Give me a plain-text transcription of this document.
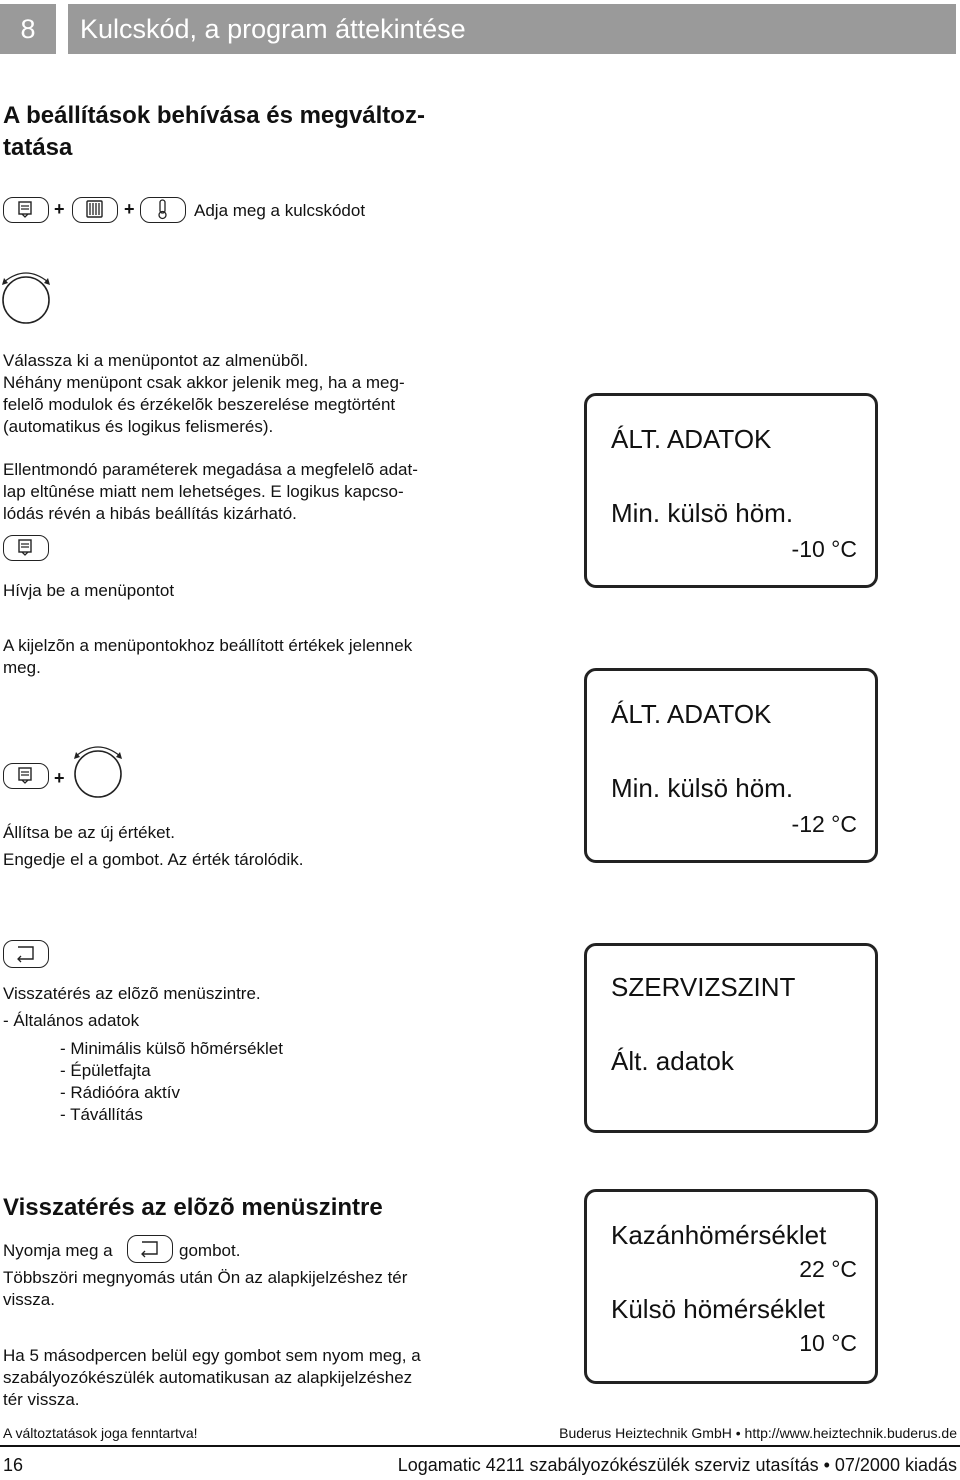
8	Kulcskód, a program áttekintése
A beállítások behívása és megváltoz-
tatása
+	+	Adja meg a kulcskódot
Válassza ki a menüpontot az almenübõl.
Néhány menüpont csak akkor jelenik meg, ha a meg-
felelõ modulok és érzékelõk beszerelése megtörtént
(automatikus és logikus felismerés).
Ellentmondó paraméterek megadása a megfelelõ adat-
lap eltûnése miatt nem lehetséges. E logikus kapcso-
lódás révén a hibás beállítás kizárható.
Hívja be a menüpontot
A kijelzõn a menüpontokhoz beállított értékek jelennek
meg.
+
Állítsa be az új értéket.
Engedje el a gombot. Az érték tárolódik.
Visszatérés az elõzõ menüszintre.
- Általános adatok
- Minimális külsõ hõmérséklet
- Épületfajta
- Rádióóra aktív
- Távállítás
Visszatérés az elõzõ menüszintre
Nyomja meg a	gombot.
Többszöri megnyomás után Ön az alapkijelzéshez tér
vissza.
Ha 5 másodpercen belül egy gombot sem nyom meg, a
szabályozókészülék automatikusan az alapkijelzéshez
tér vissza.
ÁLT. ADATOK
Min. külsö höm.
-10 °C
ÁLT. ADATOK
Min. külsö höm.
-12 °C
SZERVIZSZINT
Ált. adatok
Kazánhömérséklet
22 °C
Külsö hömérséklet
10 °C
A változtatások joga fenntartva!	Buderus Heiztechnik GmbH • http://www.heiztechnik.buderus.de
16	Logamatic 4211 szabályozókészülék szerviz utasítás • 07/2000 kiadás
